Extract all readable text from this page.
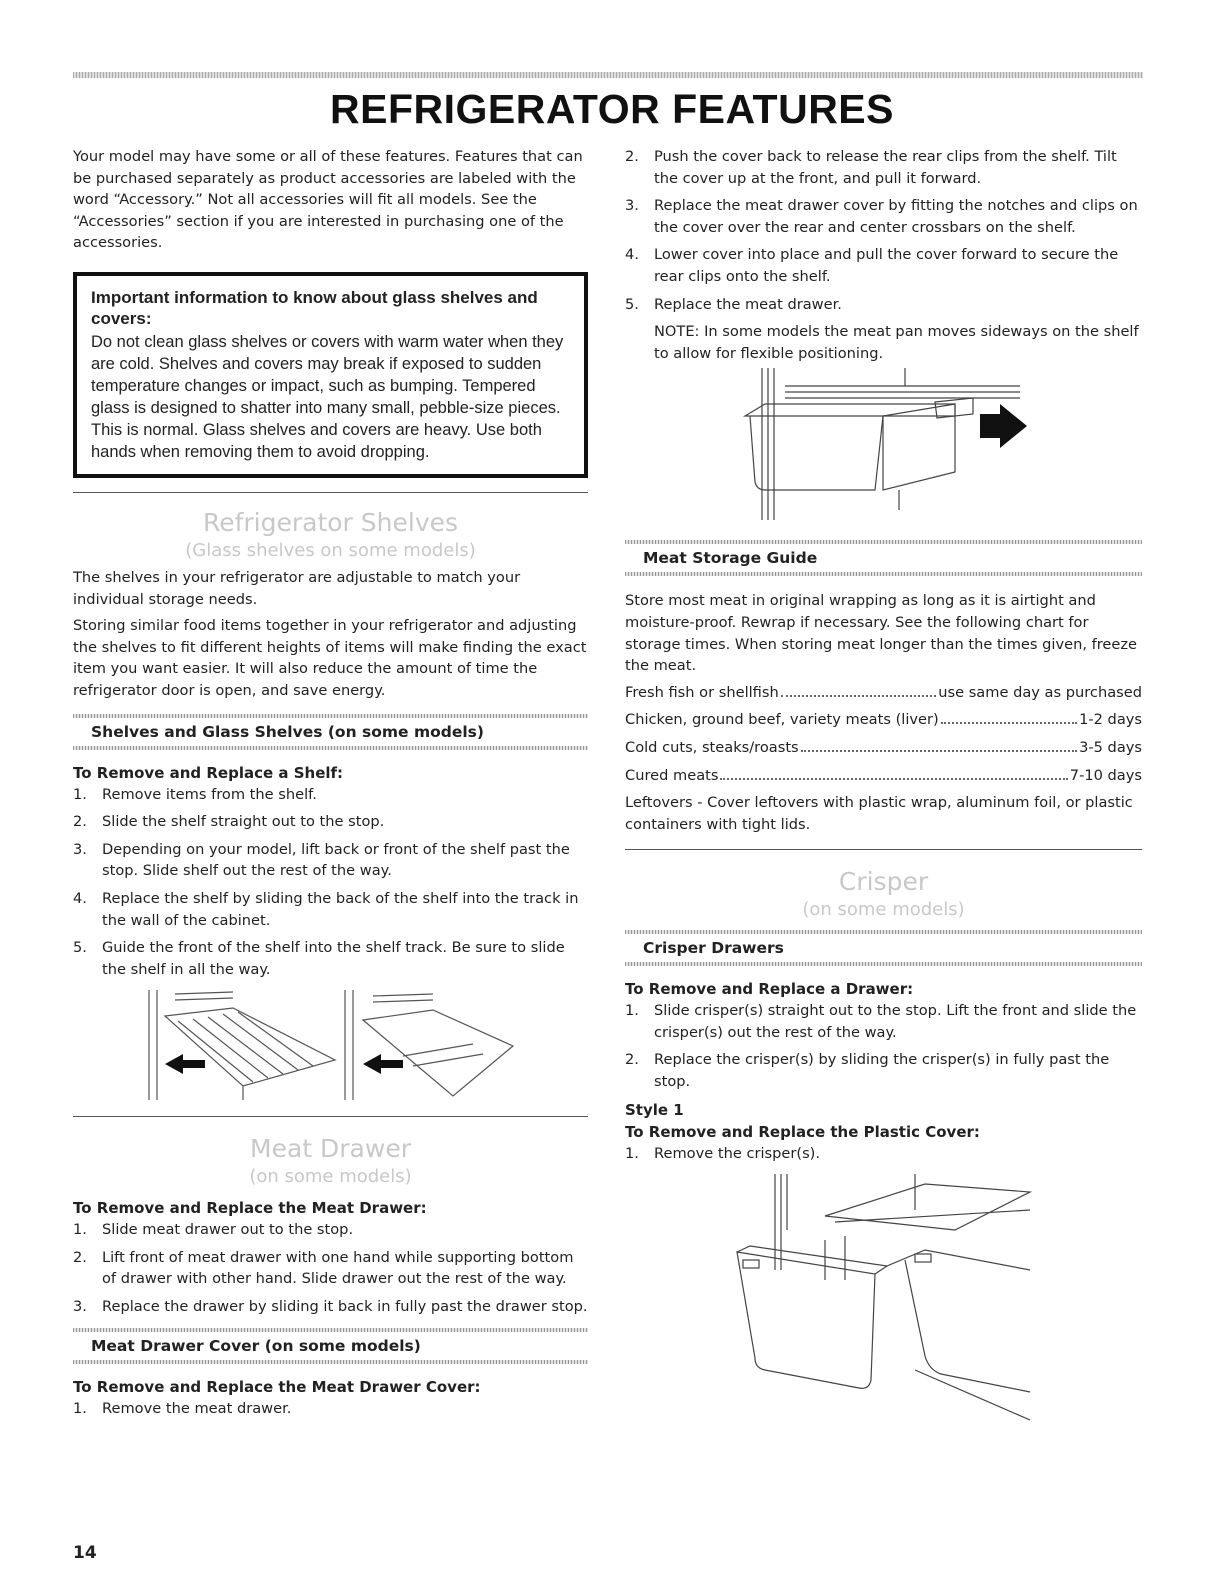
REFRIGERATOR FEATURES

Your model may have some or all of these features. Features that can be purchased separately as product accessories are labeled with the word “Accessory.” Not all accessories will fit all models. See the “Accessories” section if you are interested in purchasing one of the accessories.

Important information to know about glass shelves and covers:
Do not clean glass shelves or covers with warm water when they are cold. Shelves and covers may break if exposed to sudden temperature changes or impact, such as bumping. Tempered glass is designed to shatter into many small, pebble-size pieces. This is normal. Glass shelves and covers are heavy. Use both hands when removing them to avoid dropping.
Refrigerator Shelves
(Glass shelves on some models)

The shelves in your refrigerator are adjustable to match your individual storage needs.

Storing similar food items together in your refrigerator and adjusting the shelves to fit different heights of items will make finding the exact item you want easier. It will also reduce the amount of time the refrigerator door is open, and save energy.

Shelves and Glass Shelves (on some models)
To Remove and Replace a Shelf:
1. Remove items from the shelf.
2. Slide the shelf straight out to the stop.
3. Depending on your model, lift back or front of the shelf past the stop. Slide shelf out the rest of the way.
4. Replace the shelf by sliding the back of the shelf into the track in the wall of the cabinet.
5. Guide the front of the shelf into the shelf track. Be sure to slide the shelf in all the way.
Meat Drawer
(on some models)
To Remove and Replace the Meat Drawer:
1. Slide meat drawer out to the stop.
2. Lift front of meat drawer with one hand while supporting bottom of drawer with other hand. Slide drawer out the rest of the way.
3. Replace the drawer by sliding it back in fully past the drawer stop.
Meat Drawer Cover (on some models)
To Remove and Replace the Meat Drawer Cover:
1. Remove the meat drawer.
2. Push the cover back to release the rear clips from the shelf. Tilt the cover up at the front, and pull it forward.
3. Replace the meat drawer cover by fitting the notches and clips on the cover over the rear and center crossbars on the shelf.
4. Lower cover into place and pull the cover forward to secure the rear clips onto the shelf.
5. Replace the meat drawer.

NOTE: In some models the meat pan moves sideways on the shelf to allow for flexible positioning.

Meat Storage Guide

Store most meat in original wrapping as long as it is airtight and moisture-proof. Rewrap if necessary. See the following chart for storage times. When storing meat longer than the times given, freeze the meat.

Fresh fish or shellfish	use same day as purchased
Chicken, ground beef, variety meats (liver)	1-2 days
Cold cuts, steaks/roasts	3-5 days
Cured meats	7-10 days

Leftovers - Cover leftovers with plastic wrap, aluminum foil, or plastic containers with tight lids.

Crisper
(on some models)
Crisper Drawers
To Remove and Replace a Drawer:
1. Slide crisper(s) straight out to the stop. Lift the front and slide the crisper(s) out the rest of the way.
2. Replace the crisper(s) by sliding the crisper(s) in fully past the stop.
Style 1
To Remove and Replace the Plastic Cover:
1. Remove the crisper(s).
14
